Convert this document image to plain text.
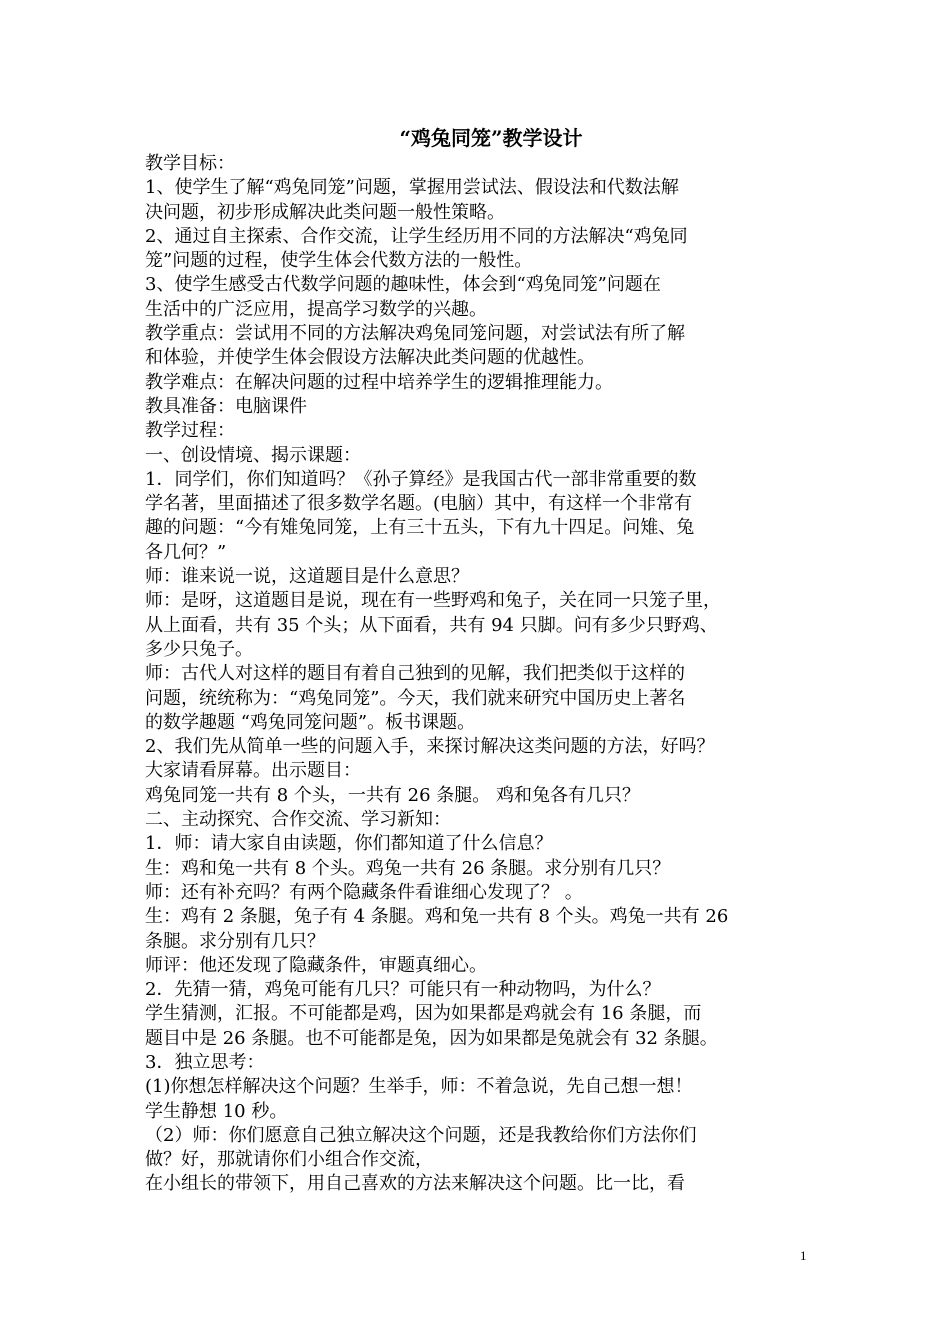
“鸡兔同笼”教学设计

教学目标：

1、使学生了解“鸡兔同笼”问题，掌握用尝试法、假设法和代数法解

决问题，初步形成解决此类问题一般性策略。

2、通过自主探索、合作交流，让学生经历用不同的方法解决“鸡兔同

笼”问题的过程，使学生体会代数方法的一般性。

3、使学生感受古代数学问题的趣味性，体会到“鸡兔同笼”问题在

生活中的广泛应用，提高学习数学的兴趣。

教学重点：尝试用不同的方法解决鸡兔同笼问题，对尝试法有所了解

和体验，并使学生体会假设方法解决此类问题的优越性。

教学难点：在解决问题的过程中培养学生的逻辑推理能力。

教具准备：电脑课件

教学过程：

一、创设情境、揭示课题：

1．同学们，你们知道吗？《孙子算经》是我国古代一部非常重要的数

学名著，里面描述了很多数学名题。(电脑）其中，有这样一个非常有

趣的问题：“今有雉兔同笼，上有三十五头，下有九十四足。问雉、兔

各几何？”

师：谁来说一说，这道题目是什么意思？

师：是呀，这道题目是说，现在有一些野鸡和兔子，关在同一只笼子里，

从上面看，共有 35 个头；从下面看，共有 94 只脚。问有多少只野鸡、

多少只兔子。

师：古代人对这样的题目有着自己独到的见解，我们把类似于这样的

问题，统统称为：“鸡兔同笼”。今天，我们就来研究中国历史上著名

的数学趣题 “鸡兔同笼问题”。板书课题。

2、我们先从简单一些的问题入手，来探讨解决这类问题的方法，好吗？

大家请看屏幕。出示题目：

鸡兔同笼一共有 8 个头，一共有 26 条腿。 鸡和兔各有几只？

二、主动探究、合作交流、学习新知：

1．师：请大家自由读题，你们都知道了什么信息？

生：鸡和兔一共有 8 个头。鸡兔一共有 26 条腿。求分别有几只？

师：还有补充吗？有两个隐藏条件看谁细心发现了？ 。

生：鸡有 2 条腿，兔子有 4 条腿。鸡和兔一共有 8 个头。鸡兔一共有 26

条腿。求分别有几只？

师评：他还发现了隐藏条件，审题真细心。

2．先猜一猜，鸡兔可能有几只？可能只有一种动物吗，为什么？

学生猜测，汇报。不可能都是鸡，因为如果都是鸡就会有 16 条腿，而

题目中是 26 条腿。也不可能都是兔，因为如果都是兔就会有 32 条腿。

3．独立思考：

(1)你想怎样解决这个问题？生举手，师：不着急说，先自己想一想！

学生静想 10 秒。

（2）师：你们愿意自己独立解决这个问题，还是我教给你们方法你们

做？好，那就请你们小组合作交流，

在小组长的带领下，用自己喜欢的方法来解决这个问题。比一比，看

1
